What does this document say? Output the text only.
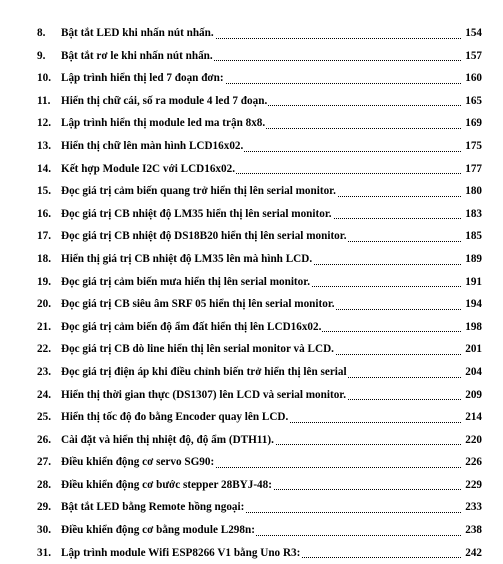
8.	Bật tắt LED khi nhấn nút nhấn.	154
9.	Bật tắt rơ le khi nhấn nút nhấn.	157
10. Lập trình hiển thị led 7 đoạn đơn:	160
11. Hiển thị chữ cái, số ra module 4 led 7 đoạn.	165
12. Lập trình hiển thị module led ma trận 8x8.	169
13. Hiển thị chữ lên màn hình LCD16x02.	175
14. Kết hợp Module I2C với LCD16x02.	177
15. Đọc giá trị cảm biến quang trở hiển thị lên serial monitor.	180
16. Đọc giá trị CB nhiệt độ LM35 hiển thị lên serial monitor.	183
17. Đọc giá trị CB nhiệt độ DS18B20 hiển thị lên serial monitor.	185
18. Hiển thị giá trị CB nhiệt độ LM35 lên mà hình LCD.	189
19. Đọc giá trị cảm biến mưa hiển thị lên serial monitor.	191
20. Đọc giá trị CB siêu âm SRF 05 hiển thị lên serial monitor.	194
21. Đọc giá trị cảm biến độ ẩm đất hiển thị lên LCD16x02.	198
22. Đọc giá trị CB dò line hiển thị lên serial monitor và LCD.	201
23. Đọc giá trị điện áp khi điều chỉnh biến trở hiển thị lên serial	204
24. Hiển thị thời gian thực (DS1307) lên LCD và serial monitor.	209
25. Hiển thị tốc độ đo bằng Encoder quay lên LCD.	214
26. Cài đặt và hiển thị nhiệt độ, độ ẩm (DTH11).	220
27. Điều khiển động cơ servo SG90:	226
28. Điều khiển động cơ bước stepper 28BYJ-48:	229
29. Bật tắt LED bằng Remote hồng ngoại:	233
30. Điều khiển động cơ bằng module L298n:	238
31. Lập trình module Wifi ESP8266 V1 bằng Uno R3:	242
